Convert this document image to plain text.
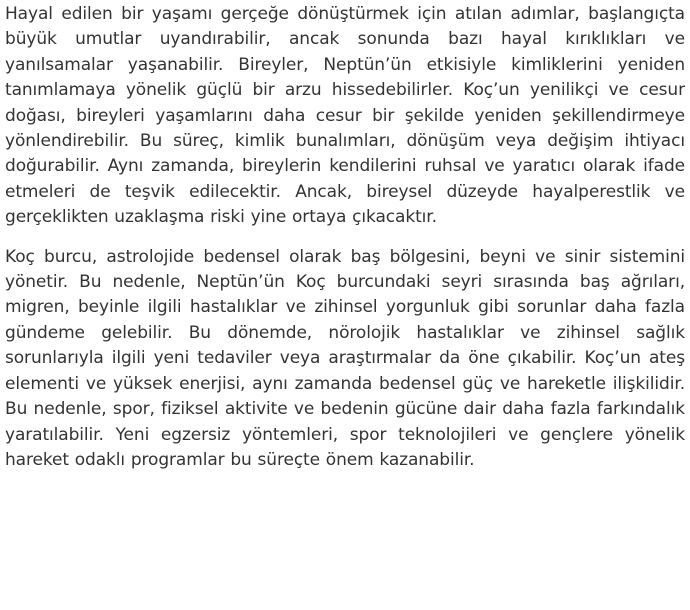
Hayal edilen bir yaşamı gerçeğe dönüştürmek için atılan adımlar, başlangıçta büyük umutlar uyandırabilir, ancak sonunda bazı hayal kırıklıkları ve yanılsamalar yaşanabilir. Bireyler, Neptün’ün etkisiyle kimliklerini yeniden tanımlamaya yönelik güçlü bir arzu hissedebilirler. Koç’un yenilikçi ve cesur doğası, bireyleri yaşamlarını daha cesur bir şekilde yeniden şekillendirmeye yönlendirebilir. Bu süreç, kimlik bunalımları, dönüşüm veya değişim ihtiyacı doğurabilir. Aynı zamanda, bireylerin kendilerini ruhsal ve yaratıcı olarak ifade etmeleri de teşvik edilecektir. Ancak, bireysel düzeyde hayalperestlik ve gerçeklikten uzaklaşma riski yine ortaya çıkacaktır.

Koç burcu, astrolojide bedensel olarak baş bölgesini, beyni ve sinir sistemini yönetir. Bu nedenle, Neptün’ün Koç burcundaki seyri sırasında baş ağrıları, migren, beyinle ilgili hastalıklar ve zihinsel yorgunluk gibi sorunlar daha fazla gündeme gelebilir. Bu dönemde, nörolojik hastalıklar ve zihinsel sağlık sorunlarıyla ilgili yeni tedaviler veya araştırmalar da öne çıkabilir. Koç’un ateş elementi ve yüksek enerjisi, aynı zamanda bedensel güç ve hareketle ilişkilidir. Bu nedenle, spor, fiziksel aktivite ve bedenin gücüne dair daha fazla farkındalık yaratılabilir. Yeni egzersiz yöntemleri, spor teknolojileri ve gençlere yönelik hareket odaklı programlar bu süreçte önem kazanabilir.
